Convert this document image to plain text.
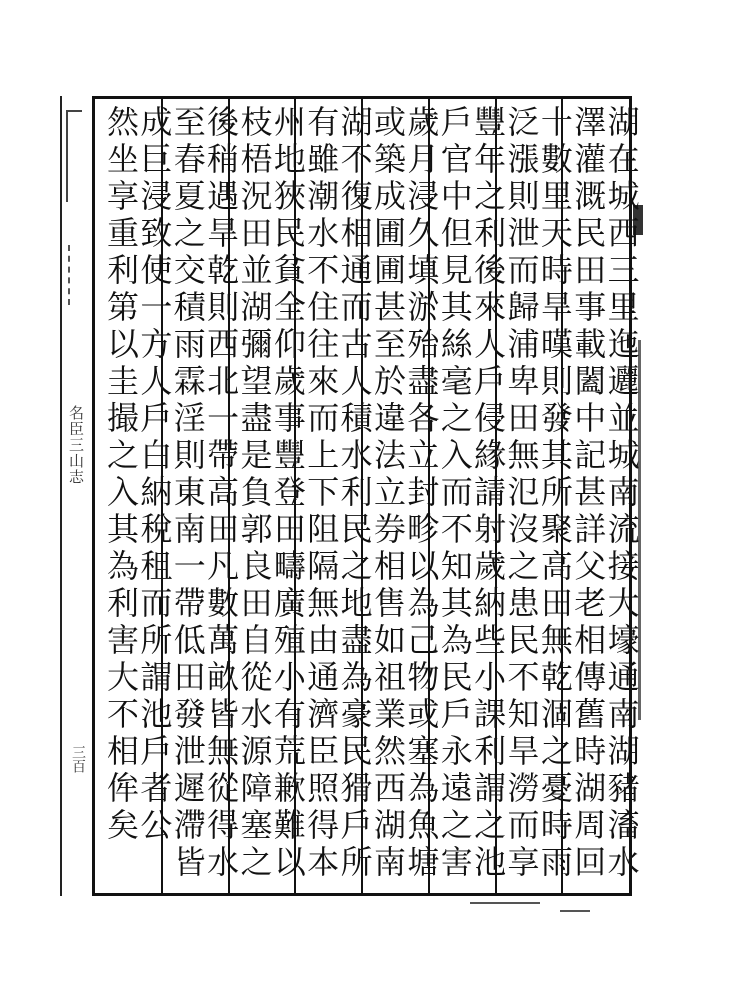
名臣三山志
三百	湖在城西三里迤邐並城南流接大壕通南湖豬滀水
澤灌溉民田事載闔中記甚詳父老相傳舊時湖周回
十數里天時旱暵則發其所聚高田無乾涸之憂時雨
泛漲則泄而歸浦卑田無氾沒之患民不知旱澇而享
豐年之利後來人戶侵緣請射歲納些小課利謂之池
戶官中但見其絲毫之入而不知其為民戶永遠之害
歲月浸久填淤殆盡各立封畛以為己物或塞為魚塘
或築成圃圃甚至於違法立券相售如祖業然西湖南
湖不復相通而古人積水利民之地盡為豪民猾戶所
有雖潮水不住往來而上下阻隔無由通濟臣照得本
州地狹民貧全仰歲事豐登田疇廣殖小有荒歉難以
枝梧況田並湖彌望盡是負郭良田自從水源障塞之
後稍遇旱乾則西北一帶高田凡數萬畝皆無從得水
至春夏之交積雨霖淫則東南一帶低田發泄遲滯皆
成巨浸致使一方人戶白納稅租而所謂池戶者公
然坐享重利第以圭撮之入其為利害大不相侔矣
